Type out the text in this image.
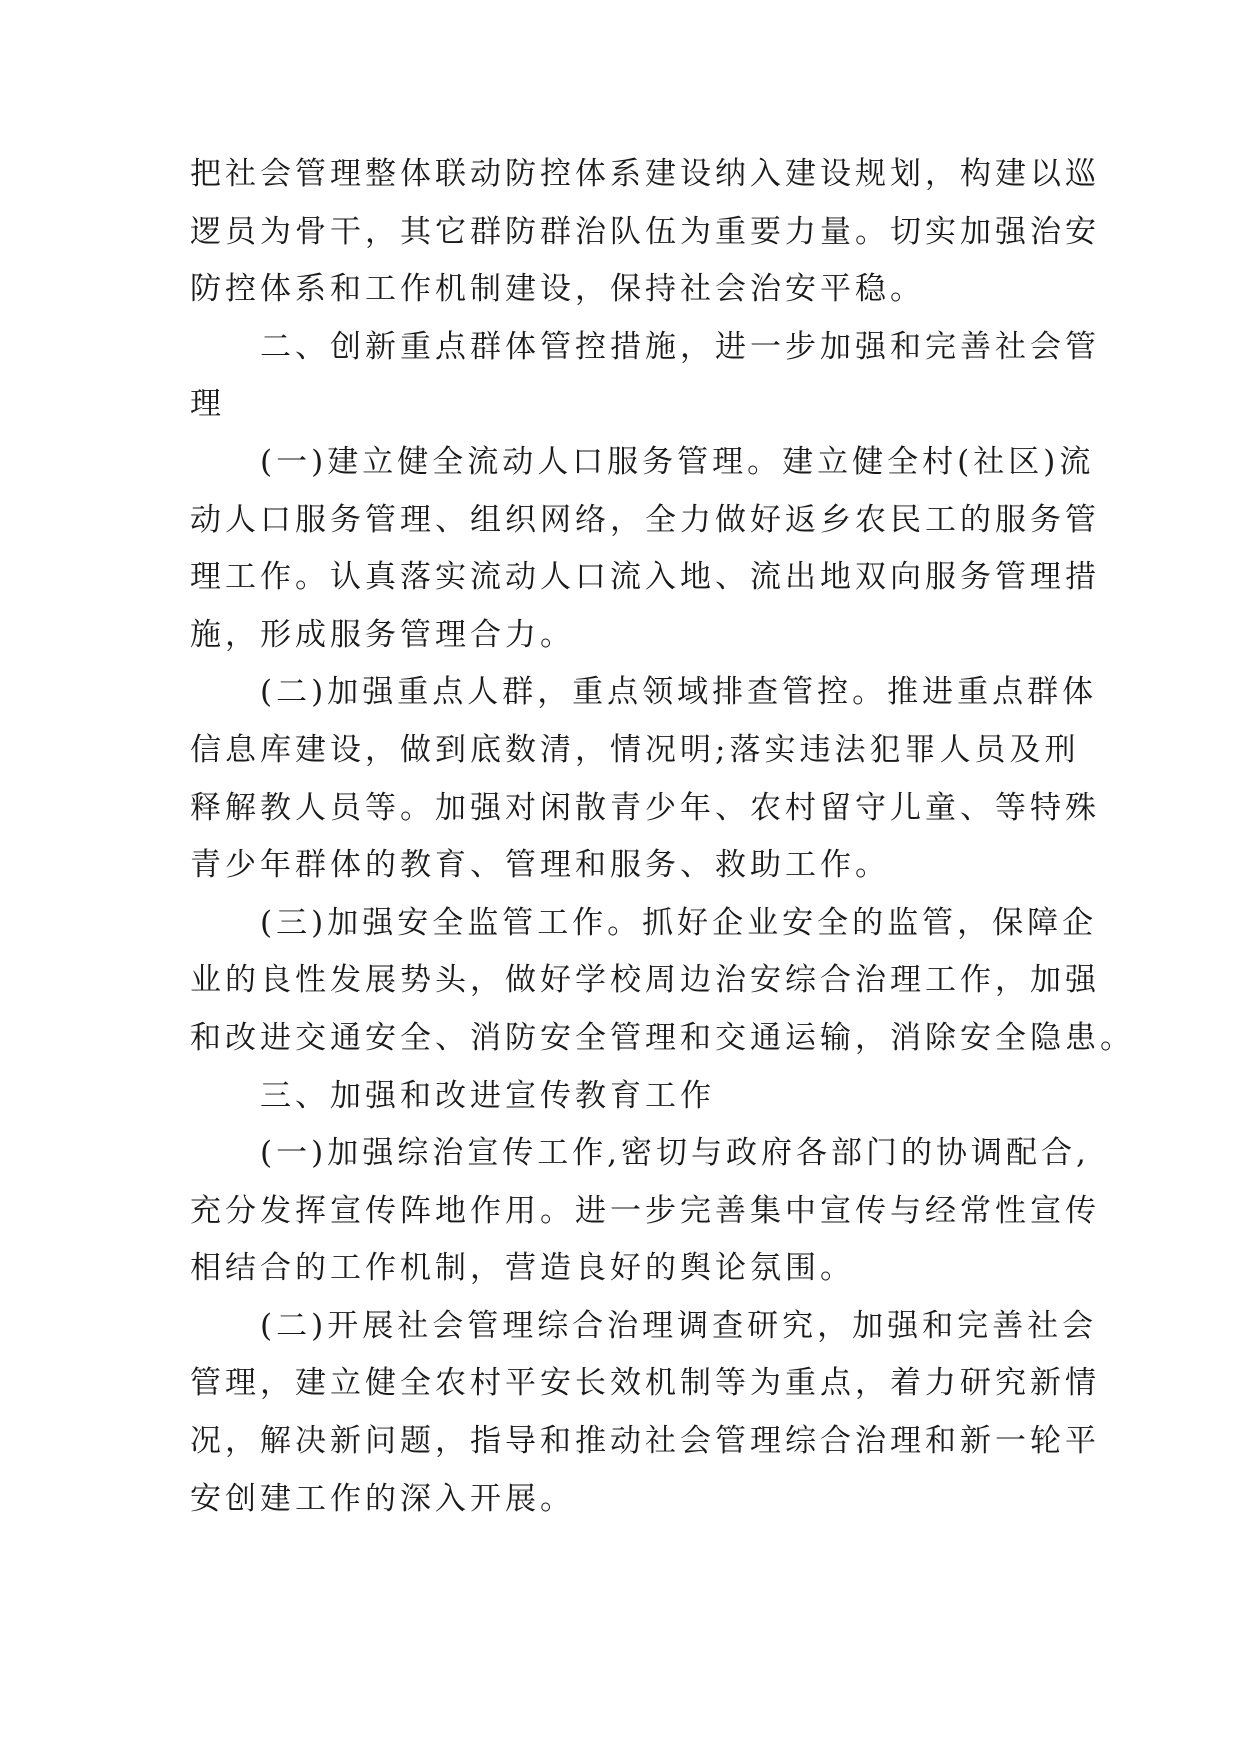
把社会管理整体联动防控体系建设纳入建设规划，构建以巡
逻员为骨干，其它群防群治队伍为重要力量。切实加强治安
防控体系和工作机制建设，保持社会治安平稳。
　　二、创新重点群体管控措施，进一步加强和完善社会管
理
　　(一)建立健全流动人口服务管理。建立健全村(社区)流
动人口服务管理、组织网络，全力做好返乡农民工的服务管
理工作。认真落实流动人口流入地、流出地双向服务管理措
施，形成服务管理合力。
　　(二)加强重点人群，重点领域排查管控。推进重点群体
信息库建设，做到底数清，情况明;落实违法犯罪人员及刑
释解教人员等。加强对闲散青少年、农村留守儿童、等特殊
青少年群体的教育、管理和服务、救助工作。
　　(三)加强安全监管工作。抓好企业安全的监管，保障企
业的良性发展势头，做好学校周边治安综合治理工作，加强
和改进交通安全、消防安全管理和交通运输，消除安全隐患。
　　三、加强和改进宣传教育工作
　　(一)加强综治宣传工作,密切与政府各部门的协调配合,
充分发挥宣传阵地作用。进一步完善集中宣传与经常性宣传
相结合的工作机制，营造良好的舆论氛围。
　　(二)开展社会管理综合治理调查研究，加强和完善社会
管理，建立健全农村平安长效机制等为重点，着力研究新情
况，解决新问题，指导和推动社会管理综合治理和新一轮平
安创建工作的深入开展。
